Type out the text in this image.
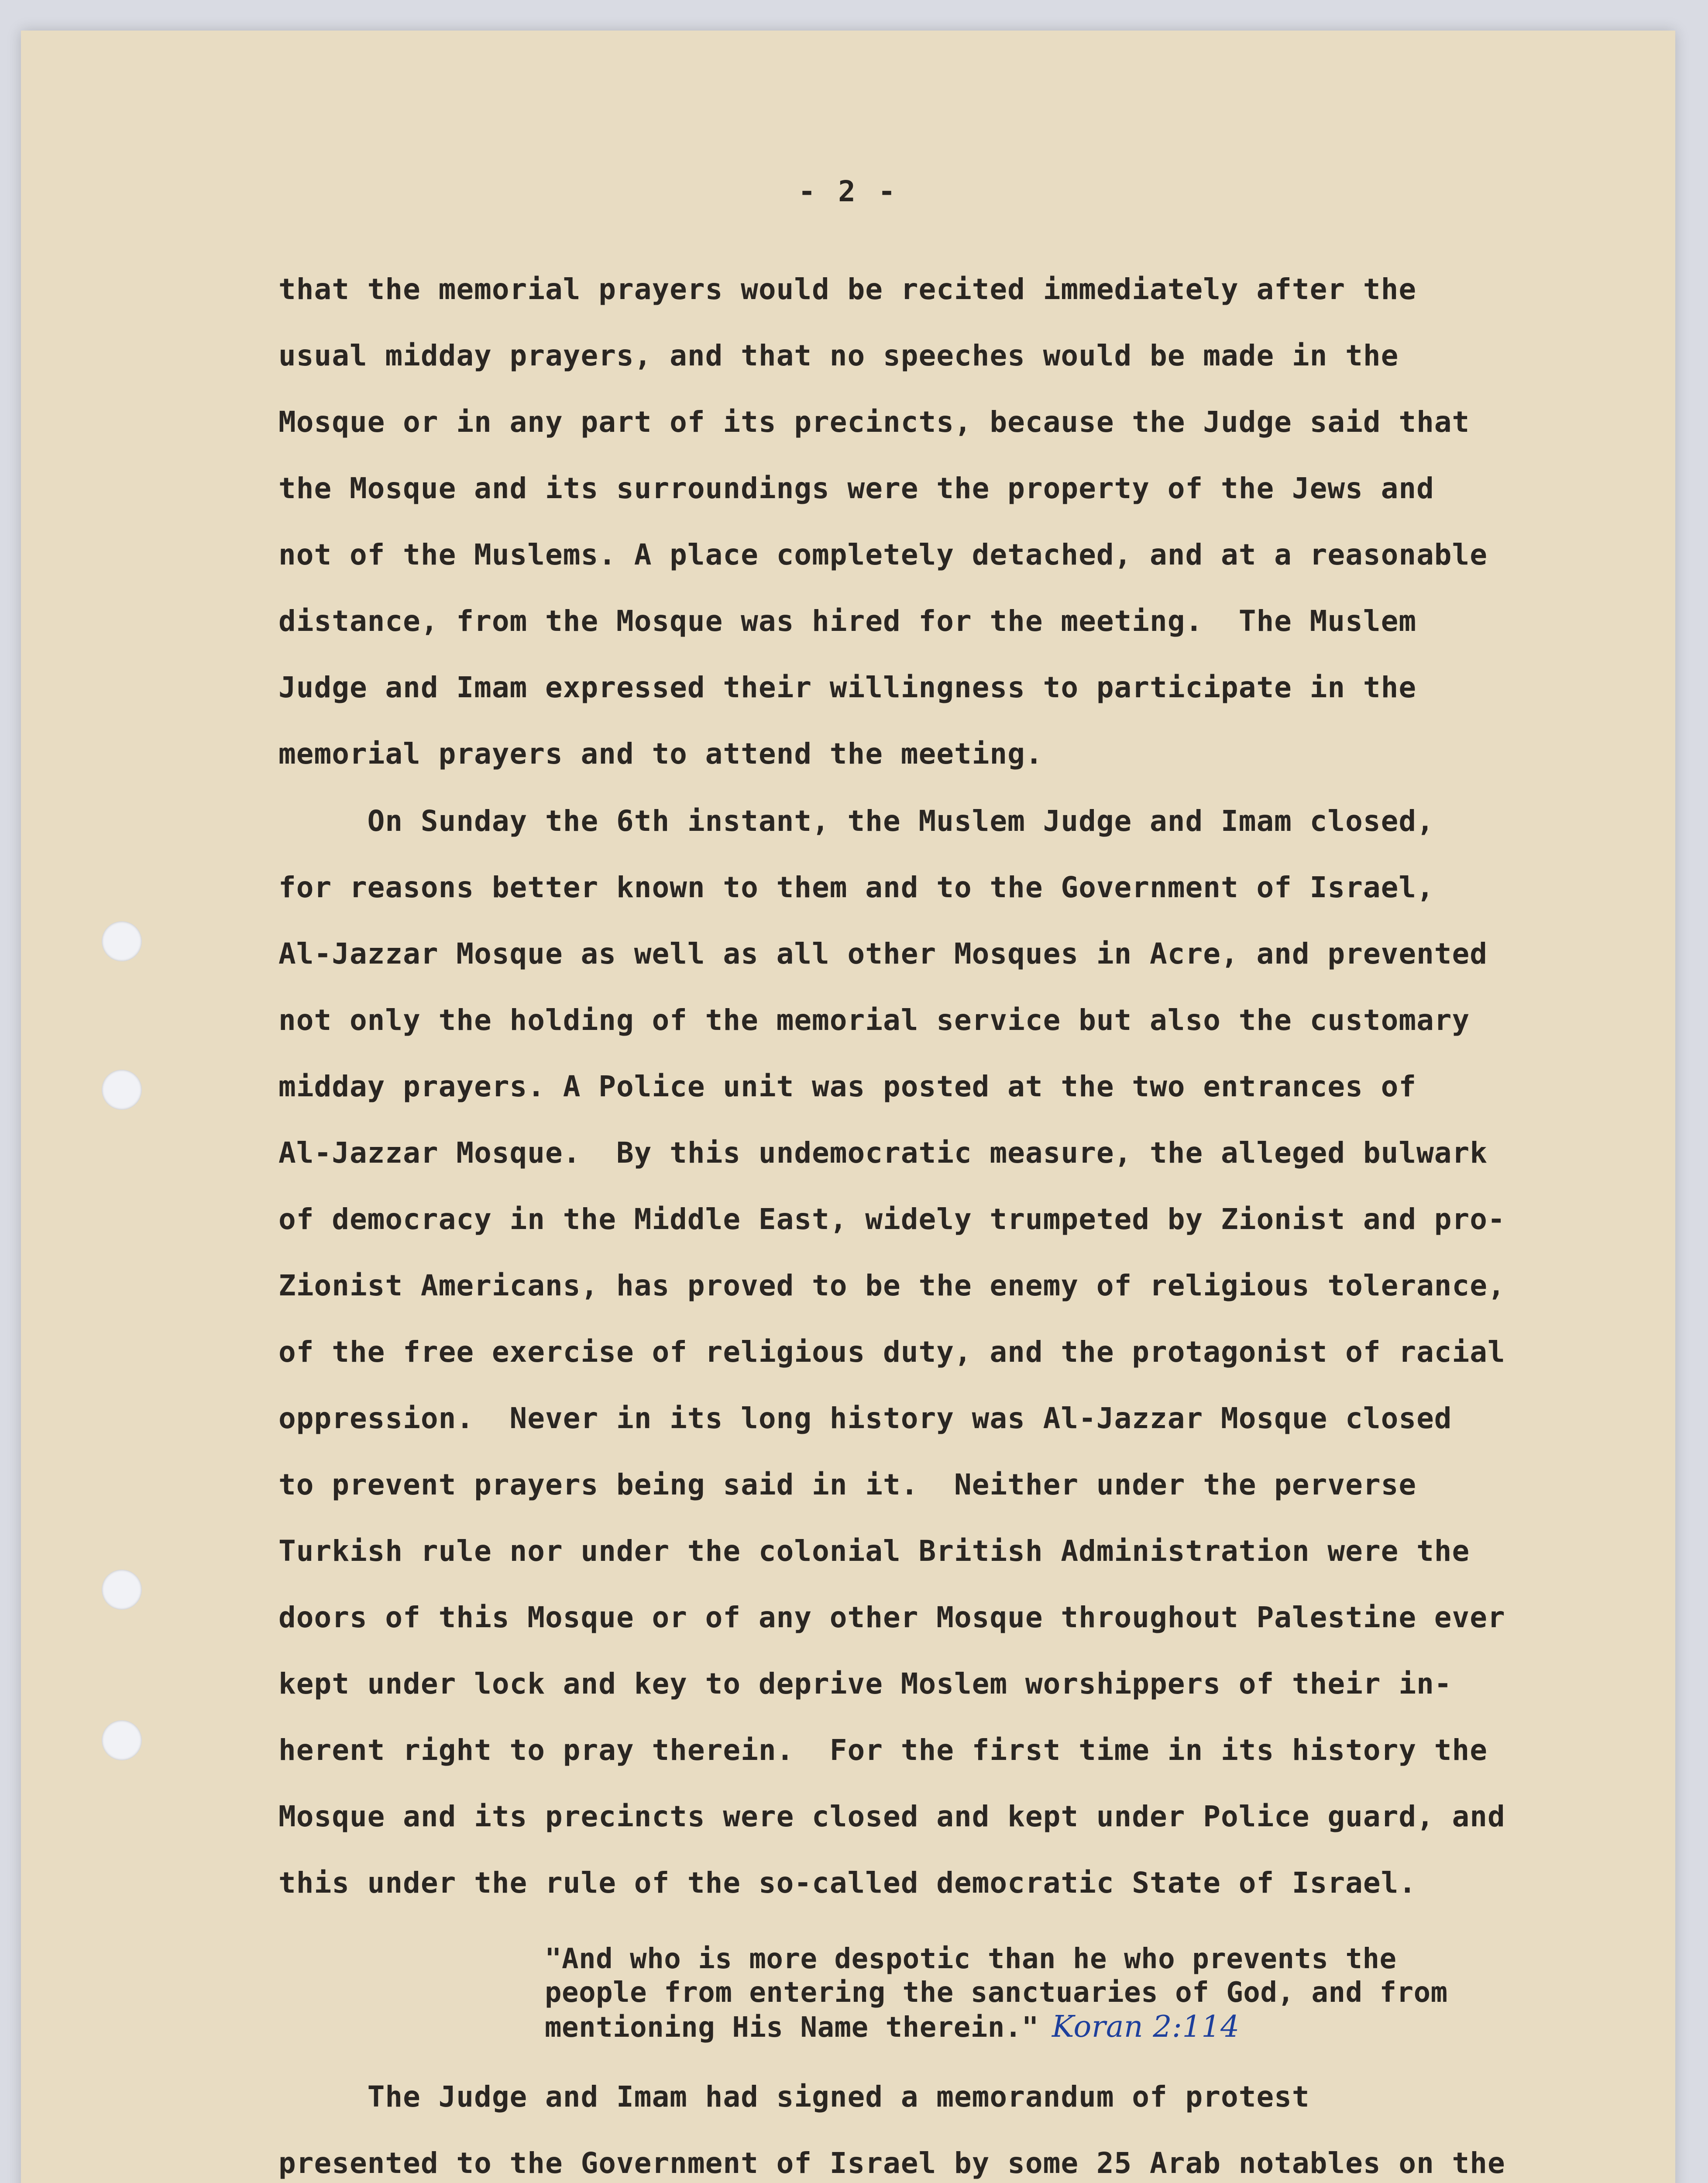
- 2 -
that the memorial prayers would be recited immediately after the
usual midday prayers, and that no speeches would be made in the
Mosque or in any part of its precincts, because the Judge said that
the Mosque and its surroundings were the property of the Jews and
not of the Muslems. A place completely detached, and at a reasonable
distance, from the Mosque was hired for the meeting.  The Muslem
Judge and Imam expressed their willingness to participate in the
memorial prayers and to attend the meeting.
On Sunday the 6th instant, the Muslem Judge and Imam closed,
for reasons better known to them and to the Government of Israel,
Al-Jazzar Mosque as well as all other Mosques in Acre, and prevented
not only the holding of the memorial service but also the customary
midday prayers. A Police unit was posted at the two entrances of
Al-Jazzar Mosque.  By this undemocratic measure, the alleged bulwark
of democracy in the Middle East, widely trumpeted by Zionist and pro-
Zionist Americans, has proved to be the enemy of religious tolerance,
of the free exercise of religious duty, and the protagonist of racial
oppression.  Never in its long history was Al-Jazzar Mosque closed
to prevent prayers being said in it.  Neither under the perverse
Turkish rule nor under the colonial British Administration were the
doors of this Mosque or of any other Mosque throughout Palestine ever
kept under lock and key to deprive Moslem worshippers of their in-
herent right to pray therein.  For the first time in its history the
Mosque and its precincts were closed and kept under Police guard, and
this under the rule of the so-called democratic State of Israel.
"And who is more despotic than he who prevents the
people from entering the sanctuaries of God, and from
mentioning His Name therein." Koran 2:114
The Judge and Imam had signed a memorandum of protest
presented to the Government of Israel by some 25 Arab notables on the
